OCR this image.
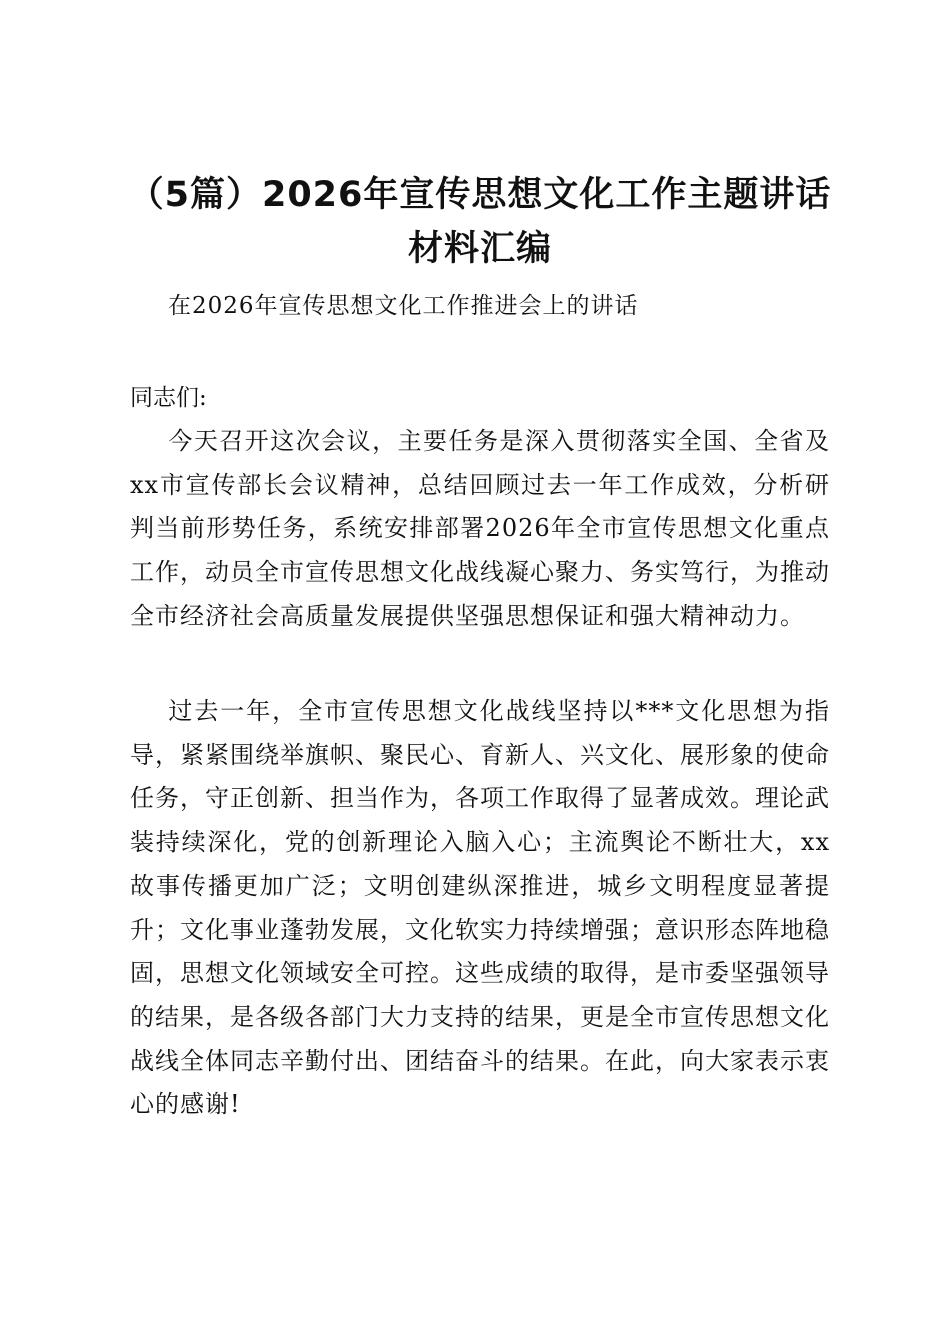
（5篇）2026年宣传思想文化工作主题讲话材料汇编

在2026年宣传思想文化工作推进会上的讲话

同志们:

今天召开这次会议，主要任务是深入贯彻落实全国、全省及xx市宣传部长会议精神，总结回顾过去一年工作成效，分析研判当前形势任务，系统安排部署2026年全市宣传思想文化重点工作，动员全市宣传思想文化战线凝心聚力、务实笃行，为推动全市经济社会高质量发展提供坚强思想保证和强大精神动力。

过去一年，全市宣传思想文化战线坚持以***文化思想为指导，紧紧围绕举旗帜、聚民心、育新人、兴文化、展形象的使命任务，守正创新、担当作为，各项工作取得了显著成效。理论武装持续深化，党的创新理论入脑入心；主流舆论不断壮大，xx故事传播更加广泛；文明创建纵深推进，城乡文明程度显著提升；文化事业蓬勃发展，文化软实力持续增强；意识形态阵地稳固，思想文化领域安全可控。这些成绩的取得，是市委坚强领导的结果，是各级各部门大力支持的结果，更是全市宣传思想文化战线全体同志辛勤付出、团结奋斗的结果。在此，向大家表示衷心的感谢!
